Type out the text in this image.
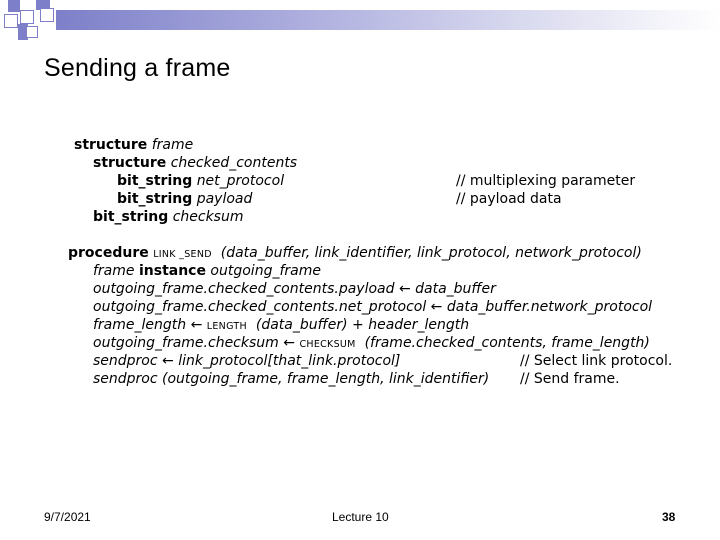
Sending a frame
structure frame
structure checked_contents
bit_string net_protocol	// multiplexing parameter
bit_string payload	// payload data
bit_string checksum
procedure LINK _SEND (data_buffer, link_identifier, link_protocol, network_protocol)
frame instance outgoing_frame
outgoing_frame.checked_contents.payload ← data_buffer
outgoing_frame.checked_contents.net_protocol ← data_buffer.network_protocol
frame_length ← LENGTH (data_buffer) + header_length
outgoing_frame.checksum ← CHECKSUM (frame.checked_contents, frame_length)
sendproc ← link_protocol[that_link.protocol]	// Select link protocol.
sendproc (outgoing_frame, frame_length, link_identifier) // Send frame.
9/7/2021	Lecture 10	38
